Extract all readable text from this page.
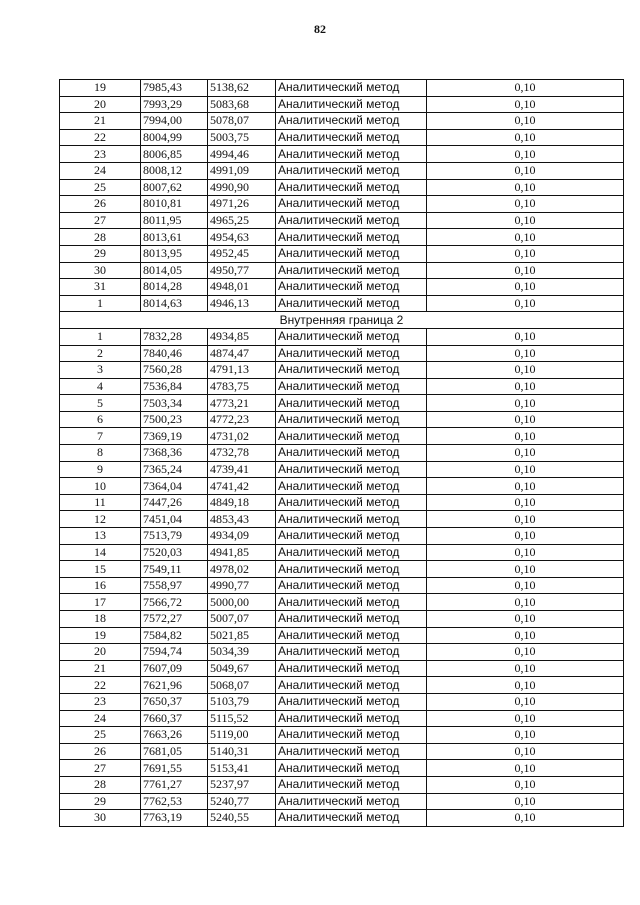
82
19	7985,43	5138,62	Аналитический метод	0,10
20	7993,29	5083,68	Аналитический метод	0,10
21	7994,00	5078,07	Аналитический метод	0,10
22	8004,99	5003,75	Аналитический метод	0,10
23	8006,85	4994,46	Аналитический метод	0,10
24	8008,12	4991,09	Аналитический метод	0,10
25	8007,62	4990,90	Аналитический метод	0,10
26	8010,81	4971,26	Аналитический метод	0,10
27	8011,95	4965,25	Аналитический метод	0,10
28	8013,61	4954,63	Аналитический метод	0,10
29	8013,95	4952,45	Аналитический метод	0,10
30	8014,05	4950,77	Аналитический метод	0,10
31	8014,28	4948,01	Аналитический метод	0,10
1	8014,63	4946,13	Аналитический метод	0,10
Внутренняя граница 2				
1	7832,28	4934,85	Аналитический метод	0,10
2	7840,46	4874,47	Аналитический метод	0,10
3	7560,28	4791,13	Аналитический метод	0,10
4	7536,84	4783,75	Аналитический метод	0,10
5	7503,34	4773,21	Аналитический метод	0,10
6	7500,23	4772,23	Аналитический метод	0,10
7	7369,19	4731,02	Аналитический метод	0,10
8	7368,36	4732,78	Аналитический метод	0,10
9	7365,24	4739,41	Аналитический метод	0,10
10	7364,04	4741,42	Аналитический метод	0,10
11	7447,26	4849,18	Аналитический метод	0,10
12	7451,04	4853,43	Аналитический метод	0,10
13	7513,79	4934,09	Аналитический метод	0,10
14	7520,03	4941,85	Аналитический метод	0,10
15	7549,11	4978,02	Аналитический метод	0,10
16	7558,97	4990,77	Аналитический метод	0,10
17	7566,72	5000,00	Аналитический метод	0,10
18	7572,27	5007,07	Аналитический метод	0,10
19	7584,82	5021,85	Аналитический метод	0,10
20	7594,74	5034,39	Аналитический метод	0,10
21	7607,09	5049,67	Аналитический метод	0,10
22	7621,96	5068,07	Аналитический метод	0,10
23	7650,37	5103,79	Аналитический метод	0,10
24	7660,37	5115,52	Аналитический метод	0,10
25	7663,26	5119,00	Аналитический метод	0,10
26	7681,05	5140,31	Аналитический метод	0,10
27	7691,55	5153,41	Аналитический метод	0,10
28	7761,27	5237,97	Аналитический метод	0,10
29	7762,53	5240,77	Аналитический метод	0,10
30	7763,19	5240,55	Аналитический метод	0,10
